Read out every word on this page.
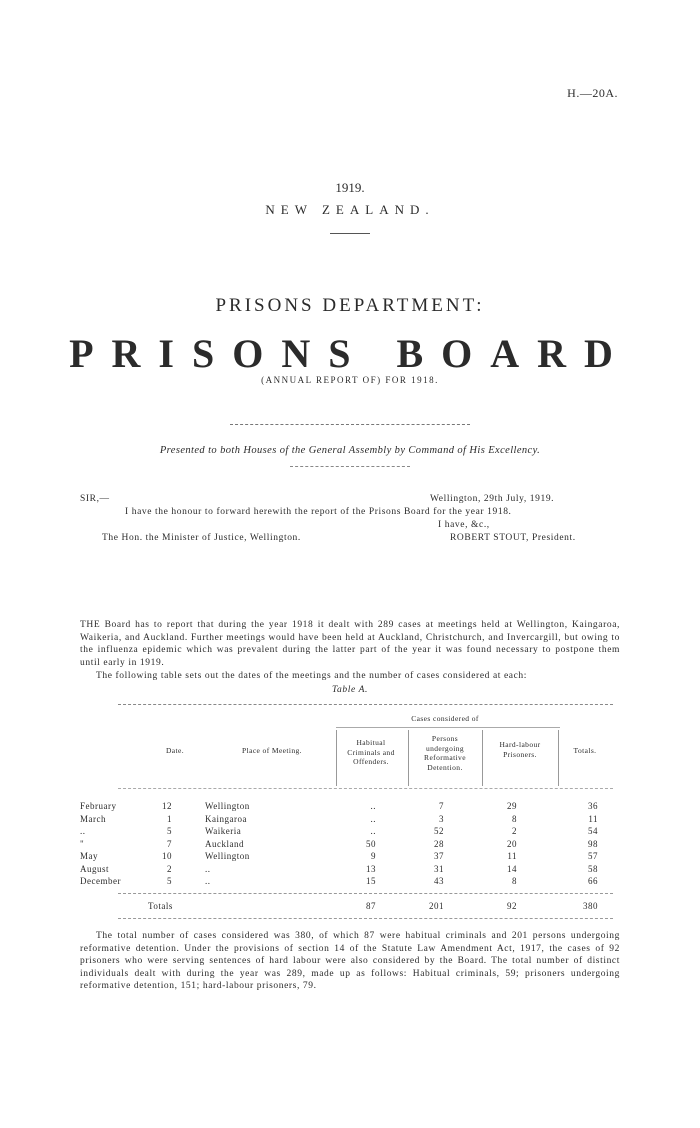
H.—20A.
1919.
NEW ZEALAND.
PRISONS DEPARTMENT:
PRISONS BOARD
(ANNUAL REPORT OF) FOR 1918.
Presented to both Houses of the General Assembly by Command of His Excellency.
SIR,—	Wellington, 29th July, 1919.
I have the honour to forward herewith the report of the Prisons Board for the year 1918.
I have, &c.,
The Hon. the Minister of Justice, Wellington.	ROBERT STOUT, President.
THE Board has to report that during the year 1918 it dealt with 289 cases at meetings held at Wellington, Kaingaroa, Waikeria, and Auckland. Further meetings would have been held at Auckland, Christchurch, and Invercargill, but owing to the influenza epidemic which was prevalent during the latter part of the year it was found necessary to postpone them until early in 1919.
The following table sets out the dates of the meetings and the number of cases considered at each:
Table A.
Cases considered of
Date.	Place of Meeting.
Habitual
Criminals and
Offenders.
Persons
undergoing
Reformative
Detention.
Hard-labour
Prisoners.	Totals.
February	12	Wellington	..	7	29	36
March	1	Kaingaroa	..	3	8	11
..	5	Waikeria	..	52	2	54
"	7	Auckland	50	28	20	98
May	10	Wellington	9	37	11	57
August	2	..	13	31	14	58
December	5	..	15	43	8	66
Totals	87	201	92	380
The total number of cases considered was 380, of which 87 were habitual criminals and 201 persons undergoing reformative detention. Under the provisions of section 14 of the Statute Law Amendment Act, 1917, the cases of 92 prisoners who were serving sentences of hard labour were also considered by the Board. The total number of distinct individuals dealt with during the year was 289, made up as follows: Habitual criminals, 59; prisoners undergoing reformative detention, 151; hard-labour prisoners, 79.
